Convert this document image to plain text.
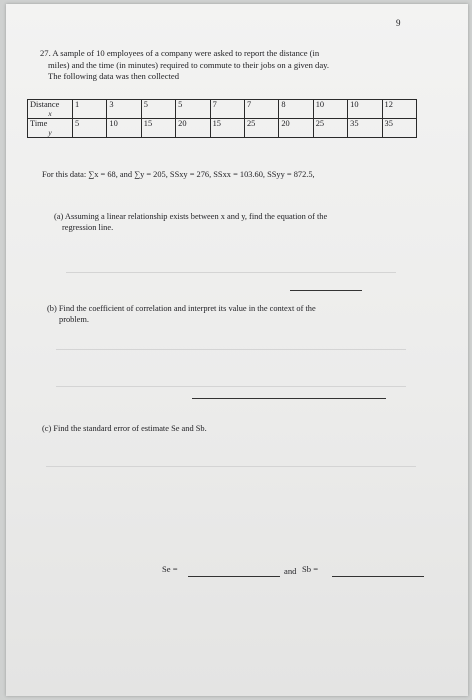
9
27. A sample of 10 employees of a company were asked to report the distance (in
miles) and the time (in minutes) required to commute to their jobs on a given day.
The following data was then collected
Distance
x	1	3	5	5	7	7	8	10	10	12
Time
y	5	10	15	20	15	25	20	25	35	35
For this data: ∑x = 68, and ∑y = 205, SSxy = 276, SSxx = 103.60, SSyy = 872.5,
(a) Assuming a linear relationship exists between x and y, find the equation of the
regression line.
(b) Find the coefficient of correlation and interpret its value in the context of the
problem.
(c) Find the standard error of estimate Se and Sb.
Se =	and Sb =
